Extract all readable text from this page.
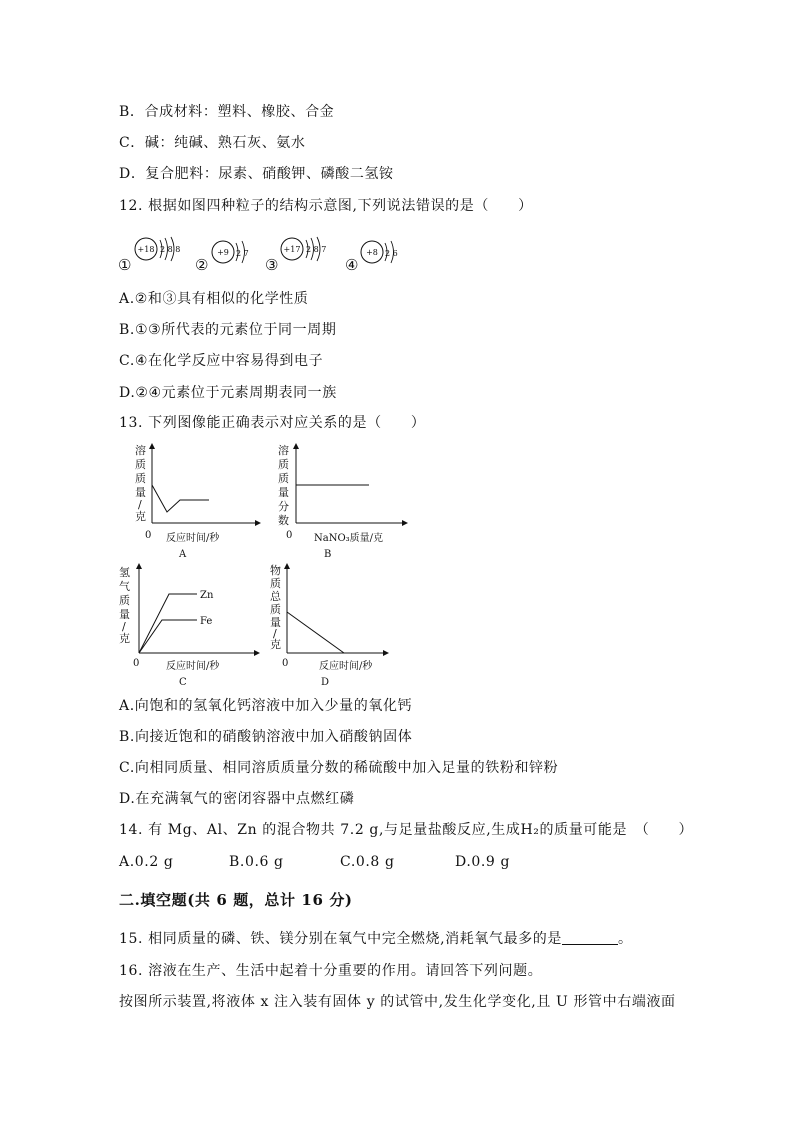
B．合成材料：塑料、橡胶、合金
C．碱：纯碱、熟石灰、氨水
D．复合肥料：尿素、硝酸钾、磷酸二氢铵
12. 根据如图四种粒子的结构示意图,下列说法错误的是（　　）
①
+18 2 8 8
②
+9 2 7
③
+17 2 8 7
④
+8 2 6
A.②和③具有相似的化学性质
B.①③所代表的元素位于同一周期
C.④在化学反应中容易得到电子
D.②④元素位于元素周期表同一族
13. 下列图像能正确表示对应关系的是（　　）
溶
质
质
量
/
克
0 反应时间/秒
A
溶
质
质
量
分
数
0 NaNO₃质量/克
B
氢
气
质
量
/
克
Zn
Fe
0	反应时间/秒
C
物
质
总
质
量
/
克
0	反应时间/秒
D
A.向饱和的氢氧化钙溶液中加入少量的氧化钙
B.向接近饱和的硝酸钠溶液中加入硝酸钠固体
C.向相同质量、相同溶质质量分数的稀硫酸中加入足量的铁粉和锌粉
D.在充满氧气的密闭容器中点燃红磷
14. 有 Mg、Al、Zn 的混合物共 7.2 g,与足量盐酸反应,生成H₂的质量可能是　（　　）
A.0.2 g	B.0.6 g	C.0.8 g	D.0.9 g
二.填空题(共 6 题，总计 16 分)
15. 相同质量的磷、铁、镁分别在氧气中完全燃烧,消耗氧气最多的是	。
16. 溶液在生产、生活中起着十分重要的作用。请回答下列问题。
按图所示装置,将液体 x 注入装有固体 y 的试管中,发生化学变化,且 U 形管中右端液面
